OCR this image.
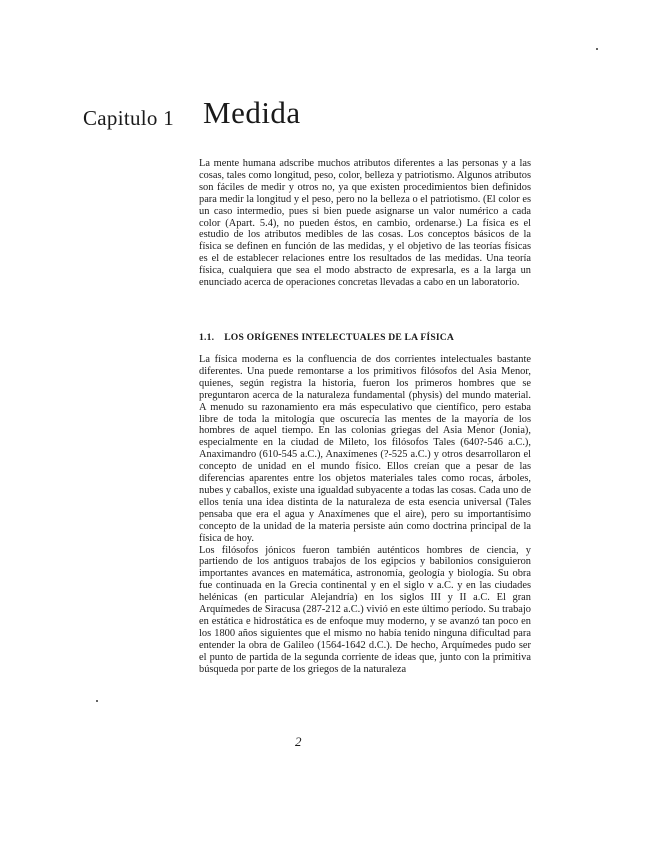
Capitulo 1 Medida

La mente humana adscribe muchos atributos diferentes a las personas y a las cosas, tales como longitud, peso, color, belleza y patriotismo. Algunos atributos son fáciles de medir y otros no, ya que existen procedimientos bien definidos para medir la longitud y el peso, pero no la belleza o el patriotismo. (El color es un caso intermedio, pues si bien puede asignarse un valor numérico a cada color (Apart. 5.4), no pueden éstos, en cambio, ordenarse.) La física es el estudio de los atributos medibles de las cosas. Los conceptos básicos de la física se definen en función de las medidas, y el objetivo de las teorías físicas es el de establecer relaciones entre los resultados de las medidas. Una teoría física, cualquiera que sea el modo abstracto de expresarla, es a la larga un enunciado acerca de operaciones concretas llevadas a cabo en un laboratorio.

1.1. LOS ORÍGENES INTELECTUALES DE LA FÍSICA

La física moderna es la confluencia de dos corrientes intelectuales bastante diferentes. Una puede remontarse a los primitivos filósofos del Asia Menor, quienes, según registra la historia, fueron los primeros hombres que se preguntaron acerca de la naturaleza fundamental (physis) del mundo material. A menudo su razonamiento era más especulativo que científico, pero estaba libre de toda la mitología que oscurecía las mentes de la mayoría de los hombres de aquel tiempo. En las colonias griegas del Asia Menor (Jonia), especialmente en la ciudad de Mileto, los filósofos Tales (640?-546 a.C.), Anaximandro (610-545 a.C.), Anaxímenes (?-525 a.C.) y otros desarrollaron el concepto de unidad en el mundo físico. Ellos creían que a pesar de las diferencias aparentes entre los objetos materiales tales como rocas, árboles, nubes y caballos, existe una igualdad subyacente a todas las cosas. Cada uno de ellos tenía una idea distinta de la naturaleza de esta esencia universal (Tales pensaba que era el agua y Anaxímenes que el aire), pero su importantísimo concepto de la unidad de la materia persiste aún como doctrina principal de la física de hoy.

Los filósofos jónicos fueron también auténticos hombres de ciencia, y partiendo de los antiguos trabajos de los egipcios y babilonios consiguieron importantes avances en matemática, astronomía, geología y biología. Su obra fue continuada en la Grecia continental y en el siglo v a.C. y en las ciudades helénicas (en particular Alejandría) en los siglos III y II a.C. El gran Arquímedes de Siracusa (287-212 a.C.) vivió en este último período. Su trabajo en estática e hidrostática es de enfoque muy moderno, y se avanzó tan poco en los 1800 años siguientes que el mismo no había tenido ninguna dificultad para entender la obra de Galileo (1564-1642 d.C.). De hecho, Arquímedes pudo ser el punto de partida de la segunda corriente de ideas que, junto con la primitiva búsqueda por parte de los griegos de la naturaleza

2
